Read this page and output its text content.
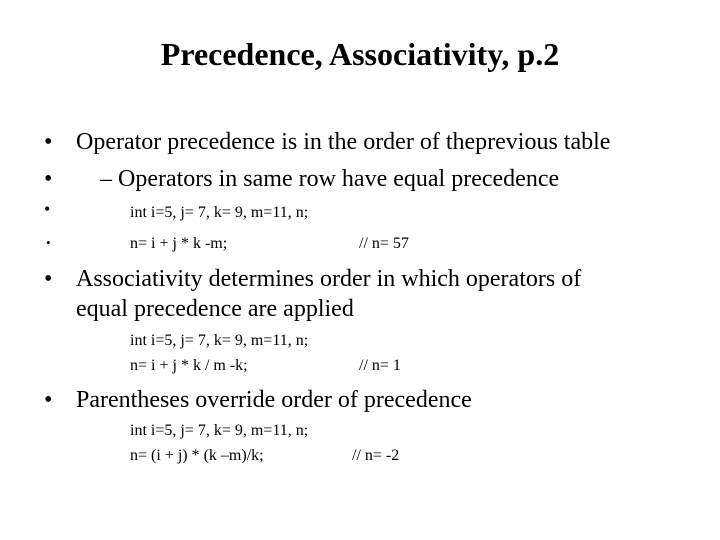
Precedence, Associativity, p.2
• Operator precedence is in the order of theprevious table
• – Operators in same row have equal precedence
•	int i=5, j= 7, k= 9, m=11, n;
•	n= i + j * k -m;	// n= 57
• Associativity determines order in which operators of
equal precedence are applied
int i=5, j= 7, k= 9, m=11, n;
n= i + j * k / m -k;	// n= 1
• Parentheses override order of precedence
int i=5, j= 7, k= 9, m=11, n;
n= (i + j) * (k –m)/k;	// n= -2
